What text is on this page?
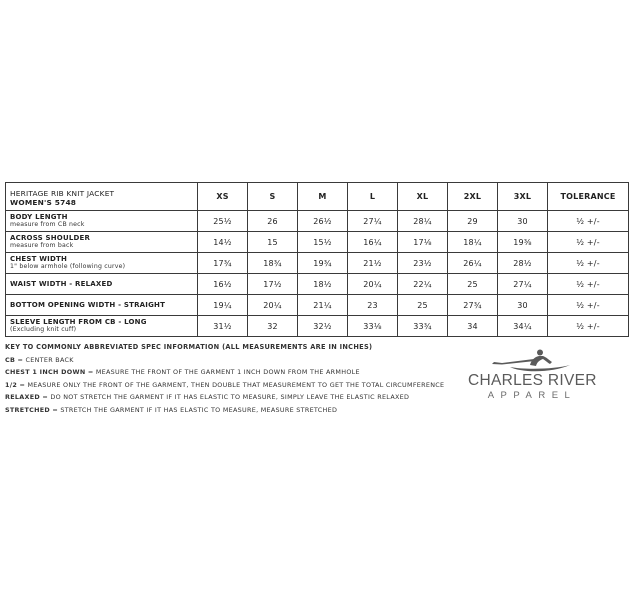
HERITAGE RIB KNIT JACKET
WOMEN'S 5748	XS	S	M	L	XL	2XL	3XL	TOLERANCE
BODY LENGTH
measure from CB neck	25½	26	26½	27¼	28¼	29	30	½ +/-
ACROSS SHOULDER
measure from back	14½	15	15½	16¼	17⅛	18¼	19⅜	½ +/-
CHEST WIDTH
1" below armhole (following curve)	17¾	18¾	19¾	21½	23½	26¼	28½	½ +/-
WAIST WIDTH - RELAXED	16½	17½	18½	20¼	22¼	25	27¼	½ +/-
BOTTOM OPENING WIDTH - STRAIGHT	19¼	20¼	21¼	23	25	27¾	30	½ +/-
SLEEVE LENGTH FROM CB - LONG
(Excluding knit cuff)	31½	32	32½	33⅛	33¾	34	34¼	½ +/-
KEY TO COMMONLY ABBREVIATED SPEC INFORMATION (ALL MEASUREMENTS ARE IN INCHES)
CB = CENTER BACK
CHEST 1 INCH DOWN = MEASURE THE FRONT OF THE GARMENT 1 INCH DOWN FROM THE ARMHOLE
1/2 = MEASURE ONLY THE FRONT OF THE GARMENT, THEN DOUBLE THAT MEASUREMENT TO GET THE TOTAL CIRCUMFERENCE
RELAXED = DO NOT STRETCH THE GARMENT IF IT HAS ELASTIC TO MEASURE, SIMPLY LEAVE THE ELASTIC RELAXED
STRETCHED = STRETCH THE GARMENT IF IT HAS ELASTIC TO MEASURE, MEASURE STRETCHED
CHARLES RIVER
APPAREL
